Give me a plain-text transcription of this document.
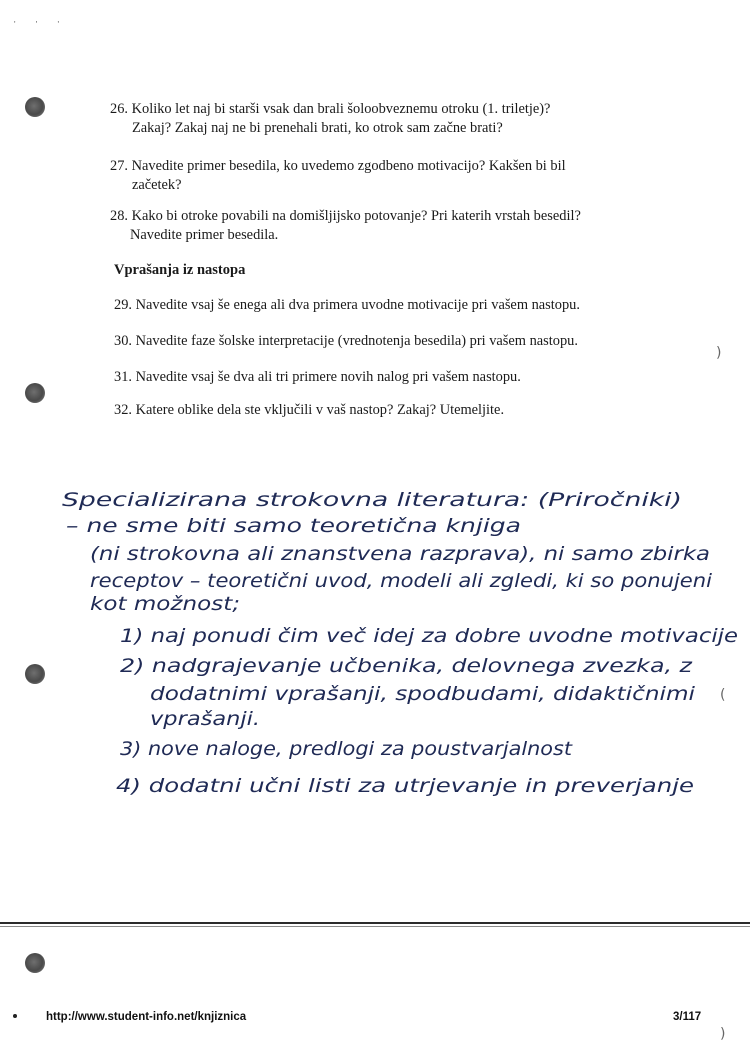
' ' '
26. Koliko let naj bi starši vsak dan brali šoloobveznemu otroku (1. triletje)?
Zakaj? Zakaj naj ne bi prenehali brati, ko otrok sam začne brati?
27. Navedite primer besedila, ko uvedemo zgodbeno motivacijo? Kakšen bi bil
začetek?
28. Kako bi otroke povabili na domišljijsko potovanje? Pri katerih vrstah besedil?
Navedite primer besedila.
Vprašanja iz nastopa
29. Navedite vsaj še enega ali dva primera uvodne motivacije pri vašem nastopu.
30. Navedite faze šolske interpretacije (vrednotenja besedila) pri vašem nastopu.
31. Navedite vsaj še dva ali tri primere novih nalog pri vašem nastopu.
32. Katere oblike dela ste vključili v vaš nastop? Zakaj? Utemeljite.
)
Specializirana strokovna literatura: (Priročniki)
– ne sme biti samo teoretična knjiga
(ni strokovna ali znanstvena razprava), ni samo zbirka
receptov – teoretični uvod, modeli ali zgledi, ki so ponujeni
kot možnost;
1) naj ponudi čim več idej za dobre uvodne motivacije
2) nadgrajevanje učbenika, delovnega zvezka, z
dodatnimi vprašanji, spodbudami, didaktičnimi
vprašanji.
3) nove naloge, predlogi za poustvarjalnost
4) dodatni učni listi za utrjevanje in preverjanje
(
http://www.student-info.net/knjiznica	3/117
)
